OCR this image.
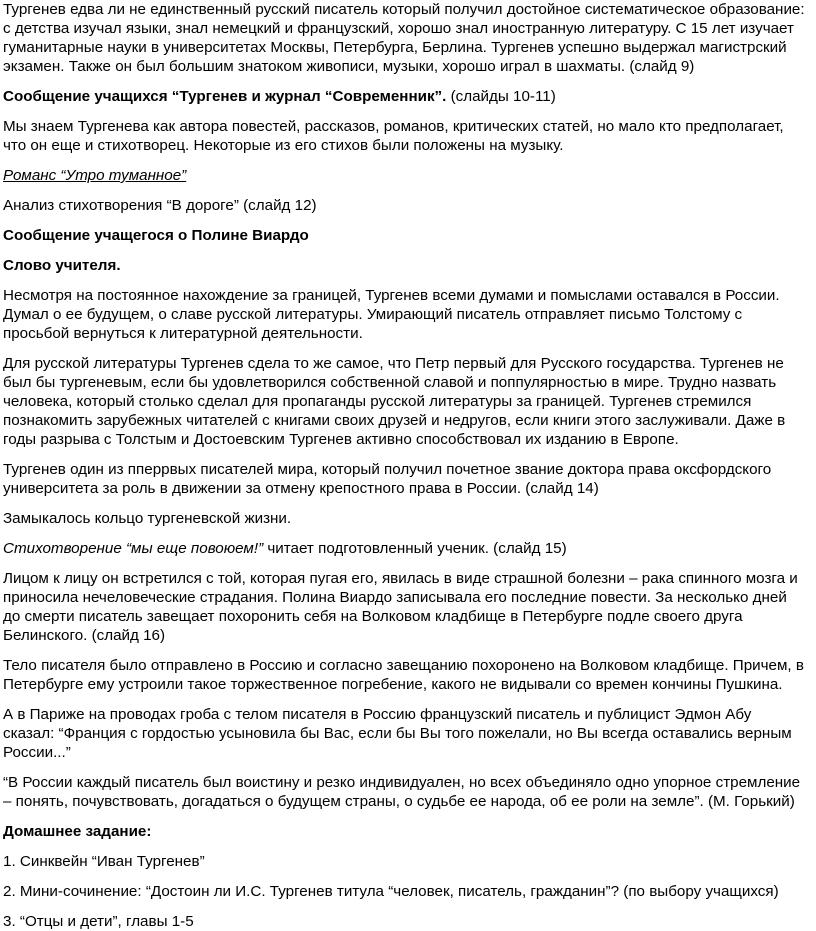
Тургенев едва ли не единственный русский писатель который получил достойное систематическое образование: с детства изучал языки, знал немецкий и французский, хорошо знал иностранную литературу. С 15 лет изучает гуманитарные науки в университетах Москвы, Петербурга, Берлина. Тургенев успешно выдержал магистрский экзамен. Также он был большим знатоком живописи, музыки, хорошо играл в шахматы. (слайд 9)

Сообщение учащихся “Тургенев и журнал “Современник”. (слайды 10-11)

Мы знаем Тургенева как автора повестей, рассказов, романов, критических статей, но мало кто предполагает, что он еще и стихотворец. Некоторые из его стихов были положены на музыку.

Романс “Утро туманное”

Анализ стихотворения “В дороге” (слайд 12)

Сообщение учащегося о Полине Виардо

Слово учителя.

Несмотря на постоянное нахождение за границей, Тургенев всеми думами и помыслами оставался в России. Думал о ее будущем, о славе русской литературы. Умирающий писатель отправляет письмо Толстому с просьбой вернуться к литературной деятельности.

Для русской литературы Тургенев сдела то же самое, что Петр первый для Русского государства. Тургенев не был бы тургеневым, если бы удовлетворился собственной славой и поппулярностью в мире. Трудно назвать человека, который столько сделал для пропаганды русской литературы за границей. Тургенев стремился познакомить зарубежных читателей с книгами своих друзей и недругов, если книги этого заслуживали. Даже в годы разрыва с Толстым и Достоевским Тургенев активно способствовал их изданию в Европе.

Тургенев один из пперрвых писателей мира, который получил почетное звание доктора права оксфордского университета за роль в движении за отмену крепостного права в России. (слайд 14)

Замыкалось кольцо тургеневской жизни.

Стихотворение “мы еще повоюем!” читает подготовленный ученик. (слайд 15)

Лицом к лицу он встретился с той, которая пугая его, явилась в виде страшной болезни – рака спинного мозга и приносила нечеловеческие страдания. Полина Виардо записывала его последние повести. За несколько дней до смерти писатель завещает похоронить себя на Волковом кладбище в Петербурге подле своего друга Белинского. (слайд 16)

Тело писателя было отправлено в Россию и согласно завещанию похоронено на Волковом кладбище. Причем, в Петербурге ему устроили такое торжественное погребение, какого не видывали со времен кончины Пушкина.

А в Париже на проводах гроба с телом писателя в Россию французский писатель и публицист Эдмон Абу сказал: “Франция с гордостью усыновила бы Вас, если бы Вы того пожелали, но Вы всегда оставались верным России...”

“В России каждый писатель был воистину и резко индивидуален, но всех объединяло одно упорное стремление – понять, почувствовать, догадаться о будущем страны, о судьбе ее народа, об ее роли на земле”. (М. Горький)

Домашнее задание:

1. Синквейн “Иван Тургенев”

2. Мини-сочинение: “Достоин ли И.С. Тургенев титула “человек, писатель, гражданин”? (по выбору учащихся)

3. “Отцы и дети”, главы 1-5
